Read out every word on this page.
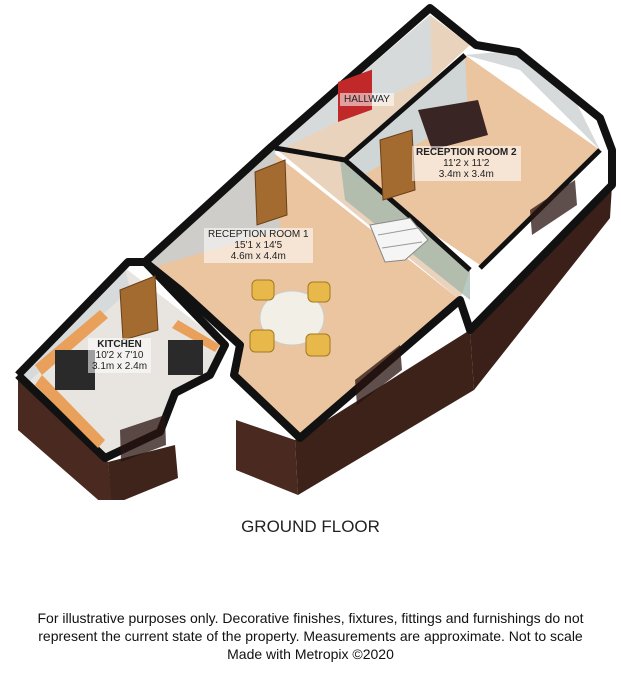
HALLWAY
RECEPTION ROOM 2
11'2 x 11'2
3.4m x 3.4m
RECEPTION ROOM 1
15'1 x 14'5
4.6m x 4.4m
KITCHEN
10'2 x 7'10
3.1m x 2.4m
GROUND FLOOR
For illustrative purposes only. Decorative finishes, fixtures, fittings and furnishings do not
represent the current state of the property. Measurements are approximate. Not to scale
Made with Metropix ©2020
